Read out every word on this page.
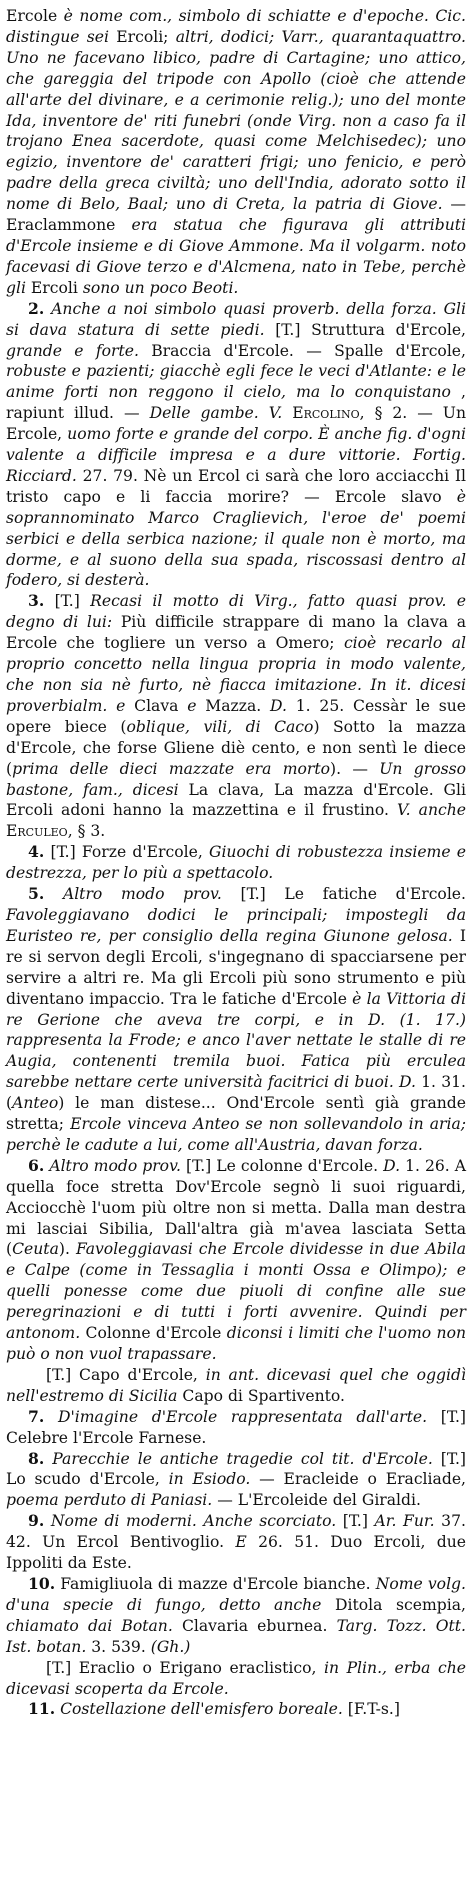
Ercole è nome com., simbolo di schiatte e d'epoche. Cic. distingue sei Ercoli; altri, dodici; Varr., quarantaquattro. Uno ne facevano libico, padre di Cartagine; uno attico, che gareggia del tripode con Apollo (cioè che attende all'arte del divinare, e a cerimonie relig.); uno del monte Ida, inventore de' riti funebri (onde Virg. non a caso fa il trojano Enea sacerdote, quasi come Melchisedec); uno egizio, inventore de' caratteri frigi; uno fenicio, e però padre della greca civiltà; uno dell'India, adorato sotto il nome di Belo, Baal; uno di Creta, la patria di Giove. — Eraclammone era statua che figurava gli attributi d'Ercole insieme e di Giove Ammone. Ma il volgarm. noto facevasi di Giove terzo e d'Alcmena, nato in Tebe, perchè gli Ercoli sono un poco Beoti.

2. Anche a noi simbolo quasi proverb. della forza. Gli si dava statura di sette piedi. [T.] Struttura d'Ercole, grande e forte. Braccia d'Ercole. — Spalle d'Ercole, robuste e pazienti; giacchè egli fece le veci d'Atlante: e le anime forti non reggono il cielo, ma lo conquistano , rapiunt illud. — Delle gambe. V. Ercolino, § 2. — Un Ercole, uomo forte e grande del corpo. È anche fig. d'ogni valente a difficile impresa e a dure vittorie. Fortig. Ricciard. 27. 79. Nè un Ercol ci sarà che loro acciacchi Il tristo capo e li faccia morire? — Ercole slavo è soprannominato Marco Craglievich, l'eroe de' poemi serbici e della serbica nazione; il quale non è morto, ma dorme, e al suono della sua spada, riscossasi dentro al fodero, si desterà.

3. [T.] Recasi il motto di Virg., fatto quasi prov. e degno di lui: Più difficile strappare di mano la clava a Ercole che togliere un verso a Omero; cioè recarlo al proprio concetto nella lingua propria in modo valente, che non sia nè furto, nè fiacca imitazione. In it. dicesi proverbialm. e Clava e Mazza. D. 1. 25. Cessàr le sue opere biece (oblique, vili, di Caco) Sotto la mazza d'Ercole, che forse Gliene diè cento, e non sentì le diece (prima delle dieci mazzate era morto). — Un grosso bastone, fam., dicesi La clava, La mazza d'Ercole. Gli Ercoli adoni hanno la mazzettina e il frustino. V. anche Erculeo, § 3.

4. [T.] Forze d'Ercole, Giuochi di robustezza insieme e destrezza, per lo più a spettacolo.

5. Altro modo prov. [T.] Le fatiche d'Ercole. Favoleggiavano dodici le principali; impostegli da Euristeo re, per consiglio della regina Giunone gelosa. I re si servon degli Ercoli, s'ingegnano di spacciarsene per servire a altri re. Ma gli Ercoli più sono strumento e più diventano impaccio. Tra le fatiche d'Ercole è la Vittoria di re Gerione che aveva tre corpi, e in D. (1. 17.) rappresenta la Frode; e anco l'aver nettate le stalle di re Augia, contenenti tremila buoi. Fatica più erculea sarebbe nettare certe università facitrici di buoi. D. 1. 31. (Anteo) le man distese... Ond'Ercole sentì già grande stretta; Ercole vinceva Anteo se non sollevandolo in aria; perchè le cadute a lui, come all'Austria, davan forza.

6. Altro modo prov. [T.] Le colonne d'Ercole. D. 1. 26. A quella foce stretta Dov'Ercole segnò li suoi riguardi, Acciocchè l'uom più oltre non si metta. Dalla man destra mi lasciai Sibilia, Dall'altra già m'avea lasciata Setta (Ceuta). Favoleggiavasi che Ercole dividesse in due Abila e Calpe (come in Tessaglia i monti Ossa e Olimpo); e quelli ponesse come due piuoli di confine alle sue peregrinazioni e di tutti i forti avvenire. Quindi per antonom. Colonne d'Ercole diconsi i limiti che l'uomo non può o non vuol trapassare.

[T.] Capo d'Ercole, in ant. dicevasi quel che oggidì nell'estremo di Sicilia Capo di Spartivento.

7. D'imagine d'Ercole rappresentata dall'arte. [T.] Celebre l'Ercole Farnese.

8. Parecchie le antiche tragedie col tit. d'Ercole. [T.] Lo scudo d'Ercole, in Esiodo. — Eracleide o Eracliade, poema perduto di Paniasi. — L'Ercoleide del Giraldi.

9. Nome di moderni. Anche scorciato. [T.] Ar. Fur. 37. 42. Un Ercol Bentivoglio. E 26. 51. Duo Ercoli, due Ippoliti da Este.

10. Famigliuola di mazze d'Ercole bianche. Nome volg. d'una specie di fungo, detto anche Ditola scempia, chiamato dai Botan. Clavaria eburnea. Targ. Tozz. Ott. Ist. botan. 3. 539. (Gh.)

[T.] Eraclio o Erigano eraclistico, in Plin., erba che dicevasi scoperta da Ercole.

11. Costellazione dell'emisfero boreale. [F.T-s.]
